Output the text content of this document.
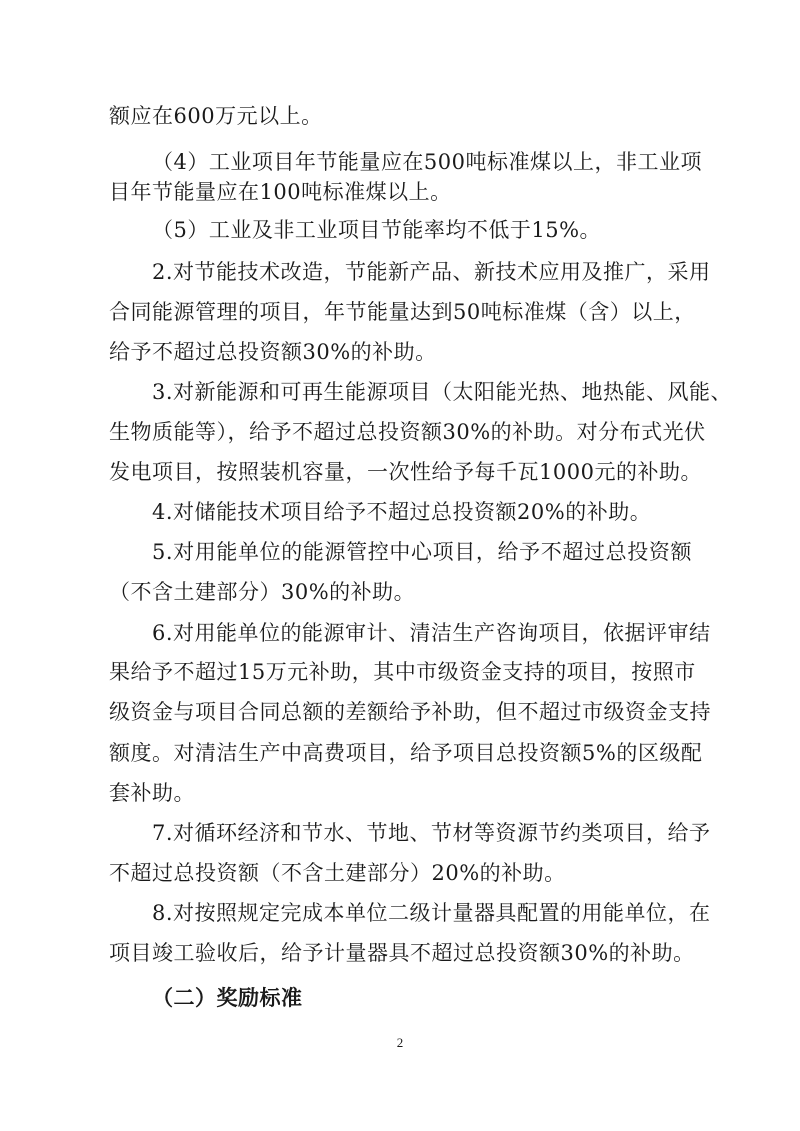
额应在600万元以上。
（4）工业项目年节能量应在500吨标准煤以上，非工业项
目年节能量应在100吨标准煤以上。
（5）工业及非工业项目节能率均不低于15%。
2.对节能技术改造，节能新产品、新技术应用及推广，采用
合同能源管理的项目，年节能量达到50吨标准煤（含）以上，
给予不超过总投资额30%的补助。
3.对新能源和可再生能源项目（太阳能光热、地热能、风能、
生物质能等），给予不超过总投资额30%的补助。对分布式光伏
发电项目，按照装机容量，一次性给予每千瓦1000元的补助。
4.对储能技术项目给予不超过总投资额20%的补助。
5.对用能单位的能源管控中心项目，给予不超过总投资额
（不含土建部分）30%的补助。
6.对用能单位的能源审计、清洁生产咨询项目，依据评审结
果给予不超过15万元补助，其中市级资金支持的项目，按照市
级资金与项目合同总额的差额给予补助，但不超过市级资金支持
额度。对清洁生产中高费项目，给予项目总投资额5%的区级配
套补助。
7.对循环经济和节水、节地、节材等资源节约类项目，给予
不超过总投资额（不含土建部分）20%的补助。
8.对按照规定完成本单位二级计量器具配置的用能单位，在
项目竣工验收后，给予计量器具不超过总投资额30%的补助。
（二）奖励标准
2
